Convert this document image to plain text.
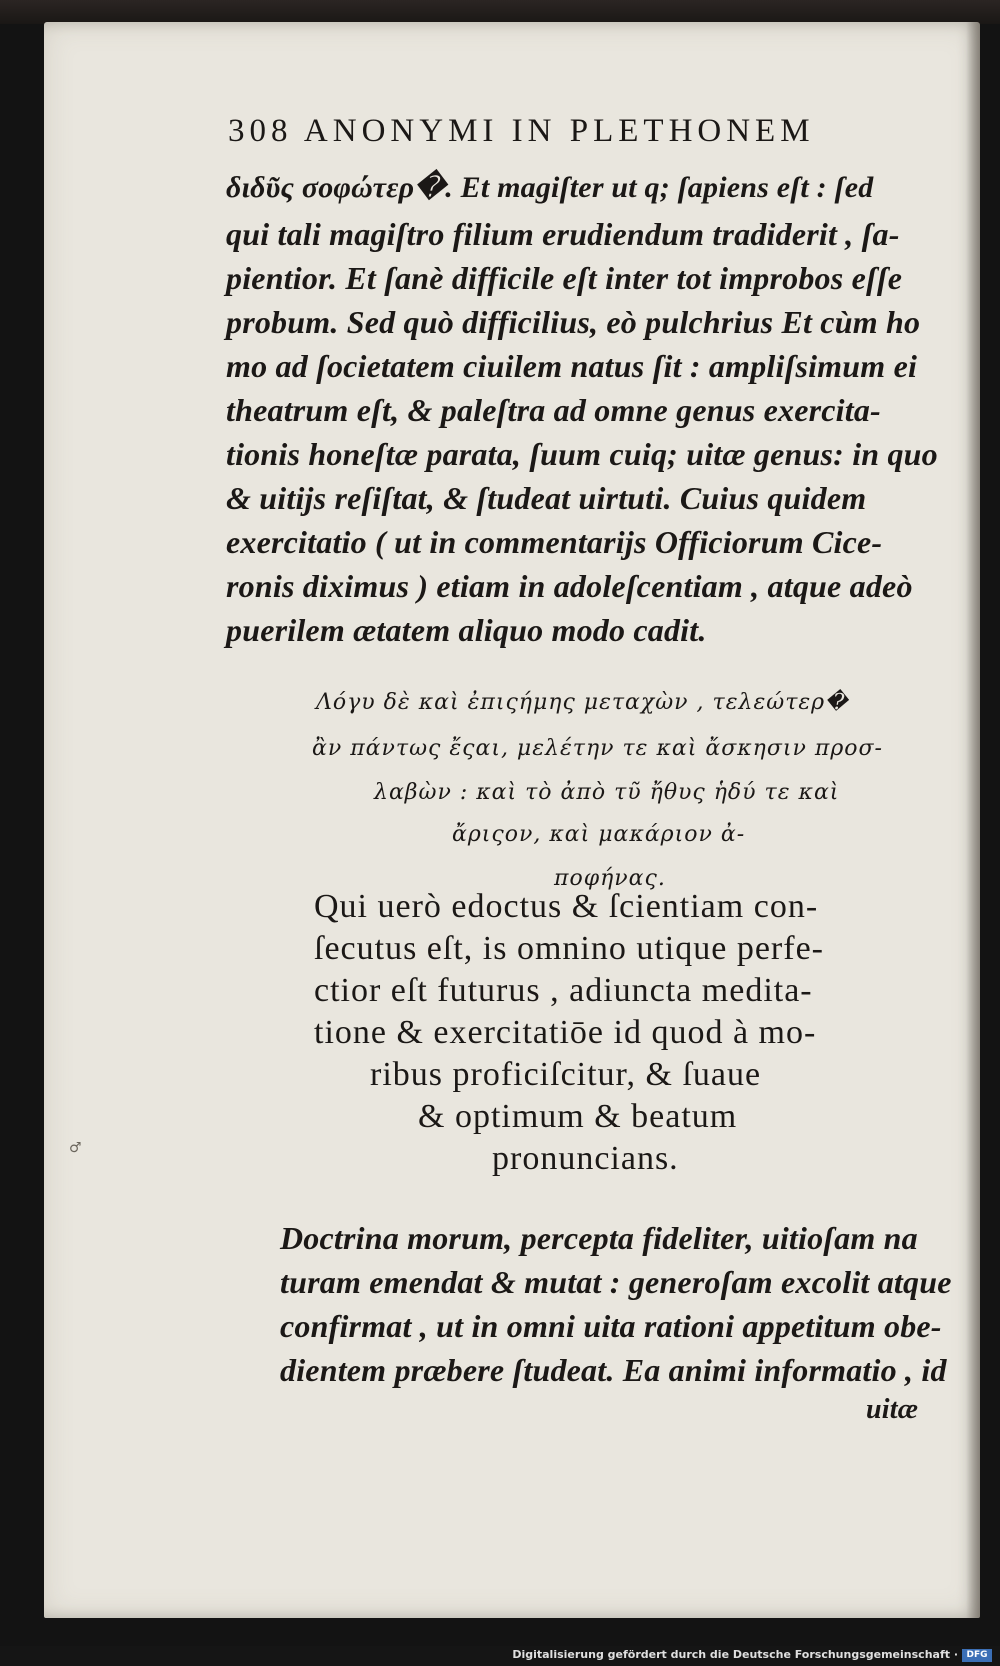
308 ANONYMI IN PLETHONEM
διδῦς σοφώτερ�. Et magiſter ut q; ſapiens eſt : ſed
qui tali magiſtro filium erudiendum tradiderit , ſa-
pientior. Et ſanè difficile eſt inter tot improbos eſſe
probum. Sed quò difficilius, eò pulchrius Et cùm ho
mo ad ſocietatem ciuilem natus ſit : ampliſsimum ei
theatrum eſt, & paleſtra ad omne genus exercita-
tionis honeſtæ parata, ſuum cuiq; uitæ genus: in quo
& uitijs reſiſtat, & ſtudeat uirtuti. Cuius quidem
exercitatio ( ut in commentarijs Officiorum Cice-
ronis diximus ) etiam in adoleſcentiam , atque adeò
puerilem ætatem aliquo modo cadit.
Λόγυ δὲ καὶ ἐπιςήμης μεταχὼν , τελεώτερ�
ἂν πάντως ἔςαι, μελέτην τε καὶ ἄσκησιν προσ-
λαβὼν : καὶ τὸ ἀπὸ τῦ ἤθυς ἡδύ τε καὶ
ἄριςον, καὶ μακάριον ἀ-
ποφήνας.
Qui uerò edoctus & ſcientiam con-
ſecutus eſt, is omnino utique perfe-
ctior eſt futurus , adiuncta medita-
tione & exercitatiōe id quod à mo-
ribus proficiſcitur, & ſuaue
& optimum & beatum
pronuncians.
♂
Doctrina morum, percepta fideliter, uitioſam na
turam emendat & mutat : generoſam excolit atque
confirmat , ut in omni uita rationi appetitum obe-
dientem præbere ſtudeat. Ea animi informatio , id
uitæ
Digitalisierung gefördert durch die Deutsche Forschungsgemeinschaft · DFG
